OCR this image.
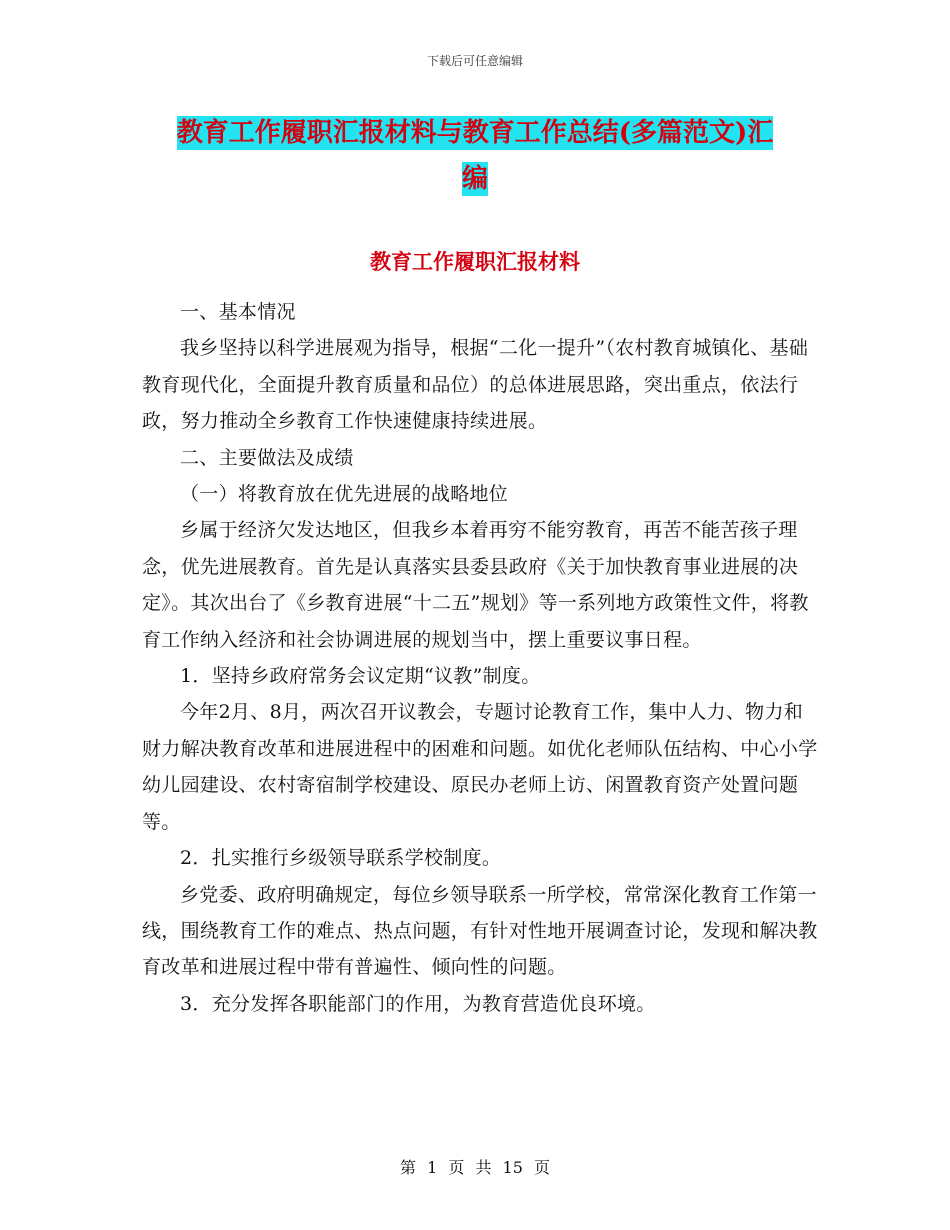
下载后可任意编辑
教育工作履职汇报材料与教育工作总结(多篇范文)汇
编
教育工作履职汇报材料

一、基本情况

我乡坚持以科学进展观为指导，根据“二化一提升”（农村教育城镇化、基础教育现代化，全面提升教育质量和品位）的总体进展思路，突出重点，依法行政，努力推动全乡教育工作快速健康持续进展。

二、主要做法及成绩

（一）将教育放在优先进展的战略地位

乡属于经济欠发达地区，但我乡本着再穷不能穷教育，再苦不能苦孩子理念，优先进展教育。首先是认真落实县委县政府《关于加快教育事业进展的决定》。其次出台了《乡教育进展“十二五”规划》等一系列地方政策性文件，将教育工作纳入经济和社会协调进展的规划当中，摆上重要议事日程。

1．坚持乡政府常务会议定期“议教”制度。

今年2月、8月，两次召开议教会，专题讨论教育工作，集中人力、物力和财力解决教育改革和进展进程中的困难和问题。如优化老师队伍结构、中心小学幼儿园建设、农村寄宿制学校建设、原民办老师上访、闲置教育资产处置问题等。

2．扎实推行乡级领导联系学校制度。

乡党委、政府明确规定，每位乡领导联系一所学校，常常深化教育工作第一线，围绕教育工作的难点、热点问题，有针对性地开展调查讨论，发现和解决教育改革和进展过程中带有普遍性、倾向性的问题。

3．充分发挥各职能部门的作用，为教育营造优良环境。

第 1 页 共 15 页
